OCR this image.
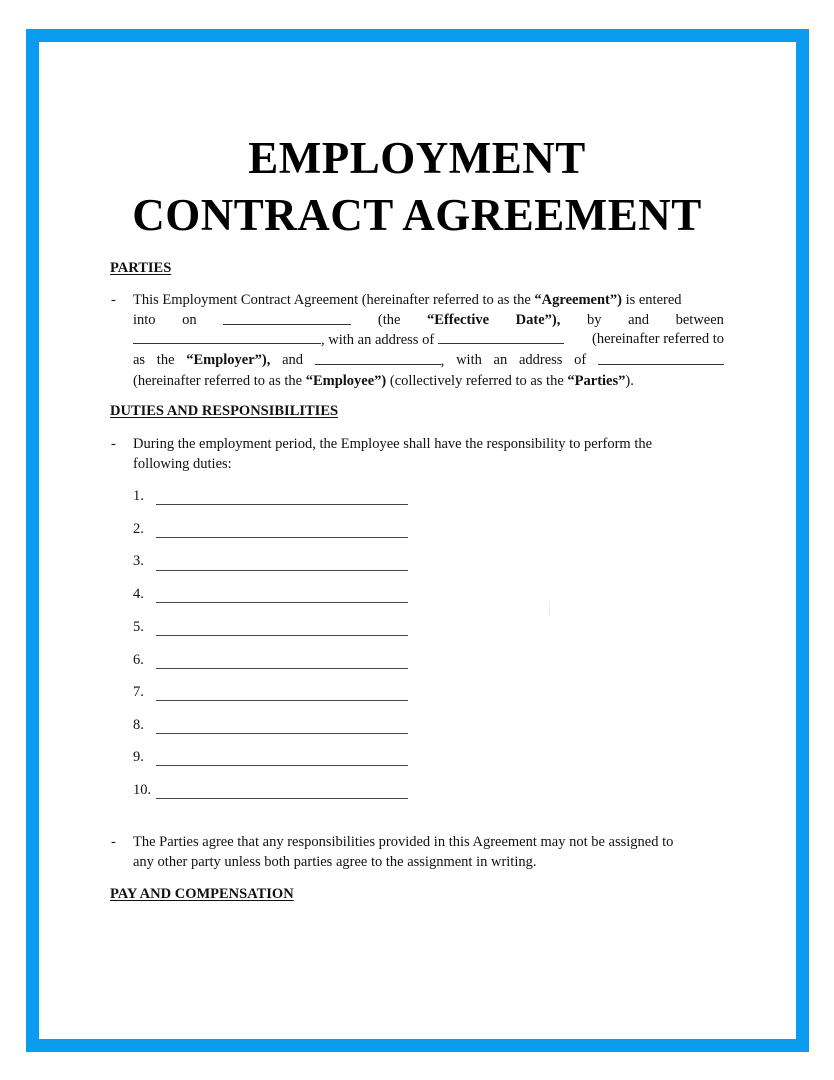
EMPLOYMENT
CONTRACT AGREEMENT
PARTIES
- This Employment Contract Agreement (hereinafter referred to as the “Agreement”) is entered
into on	(the “Effective Date”), by and between
, with an address of	(hereinafter referred to
as the “Employer”), and	, with an address of
(hereinafter referred to as the “Employee”) (collectively referred to as the “Parties”).
DUTIES AND RESPONSIBILITIES
- During the employment period, the Employee shall have the responsibility to perform the
following duties:
1.
2.
3.
4.
5.
6.
7.
8.
9.
10.
- The Parties agree that any responsibilities provided in this Agreement may not be assigned to
any other party unless both parties agree to the assignment in writing.
PAY AND COMPENSATION
